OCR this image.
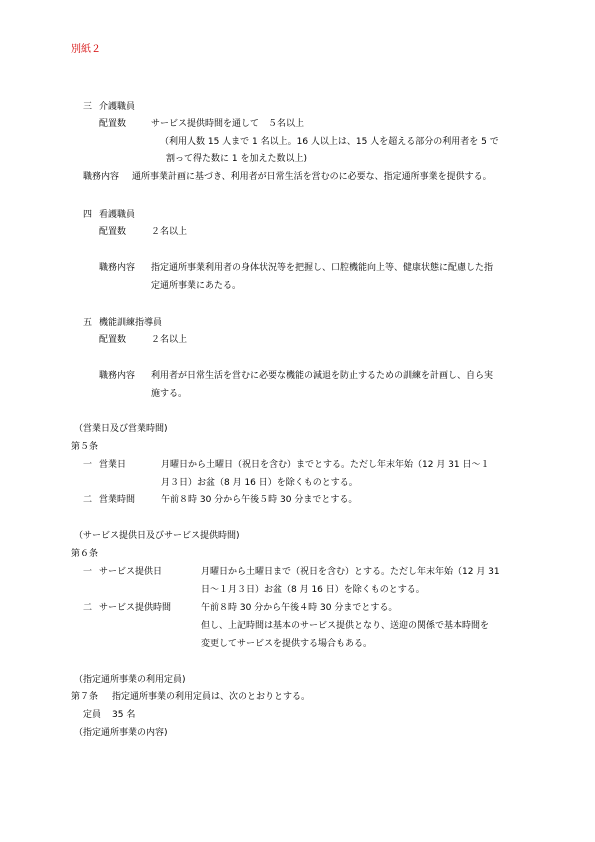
別紙２
三 介護職員
配置数	サービス提供時間を通して　５名以上
（利用人数 15 人まで 1 名以上。16 人以上は、15 人を超える部分の利用者を 5 で
割って得た数に 1 を加えた数以上)
職務内容 通所事業計画に基づき、利用者が日常生活を営むのに必要な、指定通所事業を提供する。
四 看護職員
配置数	２名以上
職務内容 指定通所事業利用者の身体状況等を把握し、口腔機能向上等、健康状態に配慮した指
定通所事業にあたる。
五 機能訓練指導員
配置数	２名以上
職務内容 利用者が日常生活を営むに必要な機能の減退を防止するための訓練を計画し、自ら実
施する。
（営業日及び営業時間)
第５条
一 営業日	月曜日から土曜日（祝日を含む）までとする。ただし年末年始（12 月 31 日～１
月３日）お盆（8 月 16 日）を除くものとする。
二 営業時間	午前８時 30 分から午後５時 30 分までとする。
（サービス提供日及びサービス提供時間)
第６条
一 サービス提供日	月曜日から土曜日まで（祝日を含む）とする。ただし年末年始（12 月 31
日～１月３日）お盆（8 月 16 日）を除くものとする。
二 サービス提供時間	午前８時 30 分から午後４時 30 分までとする。
但し、上記時間は基本のサービス提供となり、送迎の関係で基本時間を
変更してサービスを提供する場合もある。
（指定通所事業の利用定員)
第７条 指定通所事業の利用定員は、次のとおりとする。
定員 35 名
（指定通所事業の内容)
